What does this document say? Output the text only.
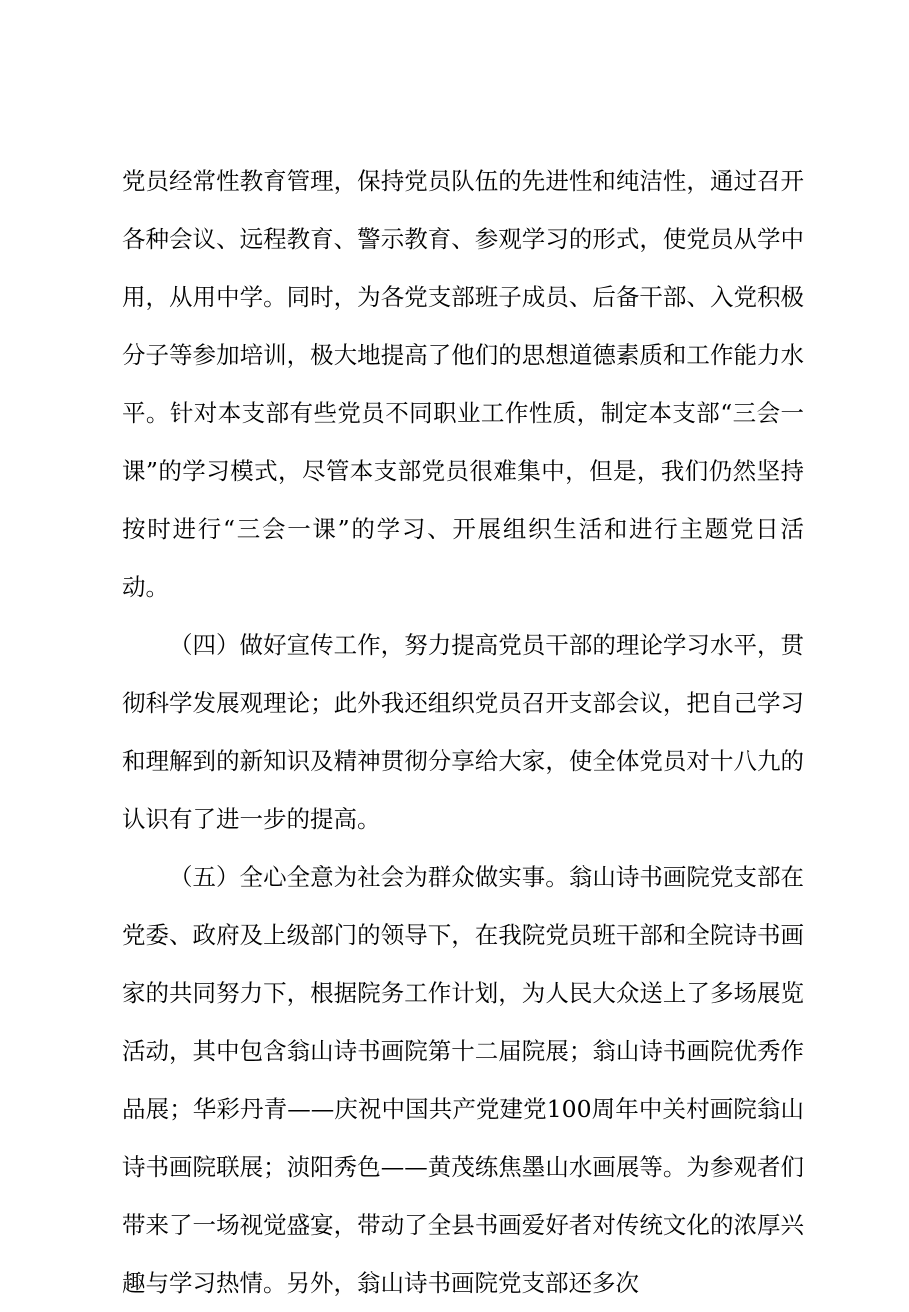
党员经常性教育管理，保持党员队伍的先进性和纯洁性，通过召开各种会议、远程教育、警示教育、参观学习的形式，使党员从学中用，从用中学。同时，为各党支部班子成员、后备干部、入党积极分子等参加培训，极大地提高了他们的思想道德素质和工作能力水平。针对本支部有些党员不同职业工作性质，制定本支部“三会一课”的学习模式，尽管本支部党员很难集中，但是，我们仍然坚持按时进行“三会一课”的学习、开展组织生活和进行主题党日活动。

（四）做好宣传工作，努力提高党员干部的理论学习水平，贯彻科学发展观理论；此外我还组织党员召开支部会议，把自己学习和理解到的新知识及精神贯彻分享给大家，使全体党员对十八九的认识有了进一步的提高。

（五）全心全意为社会为群众做实事。翁山诗书画院党支部在党委、政府及上级部门的领导下，在我院党员班干部和全院诗书画家的共同努力下，根据院务工作计划，为人民大众送上了多场展览活动，其中包含翁山诗书画院第十二届院展；翁山诗书画院优秀作品展；华彩丹青——庆祝中国共产党建党100周年中关村画院翁山诗书画院联展；浈阳秀色——黄茂练焦墨山水画展等。为参观者们带来了一场视觉盛宴，带动了全县书画爱好者对传统文化的浓厚兴趣与学习热情。另外，翁山诗书画院党支部还多次
